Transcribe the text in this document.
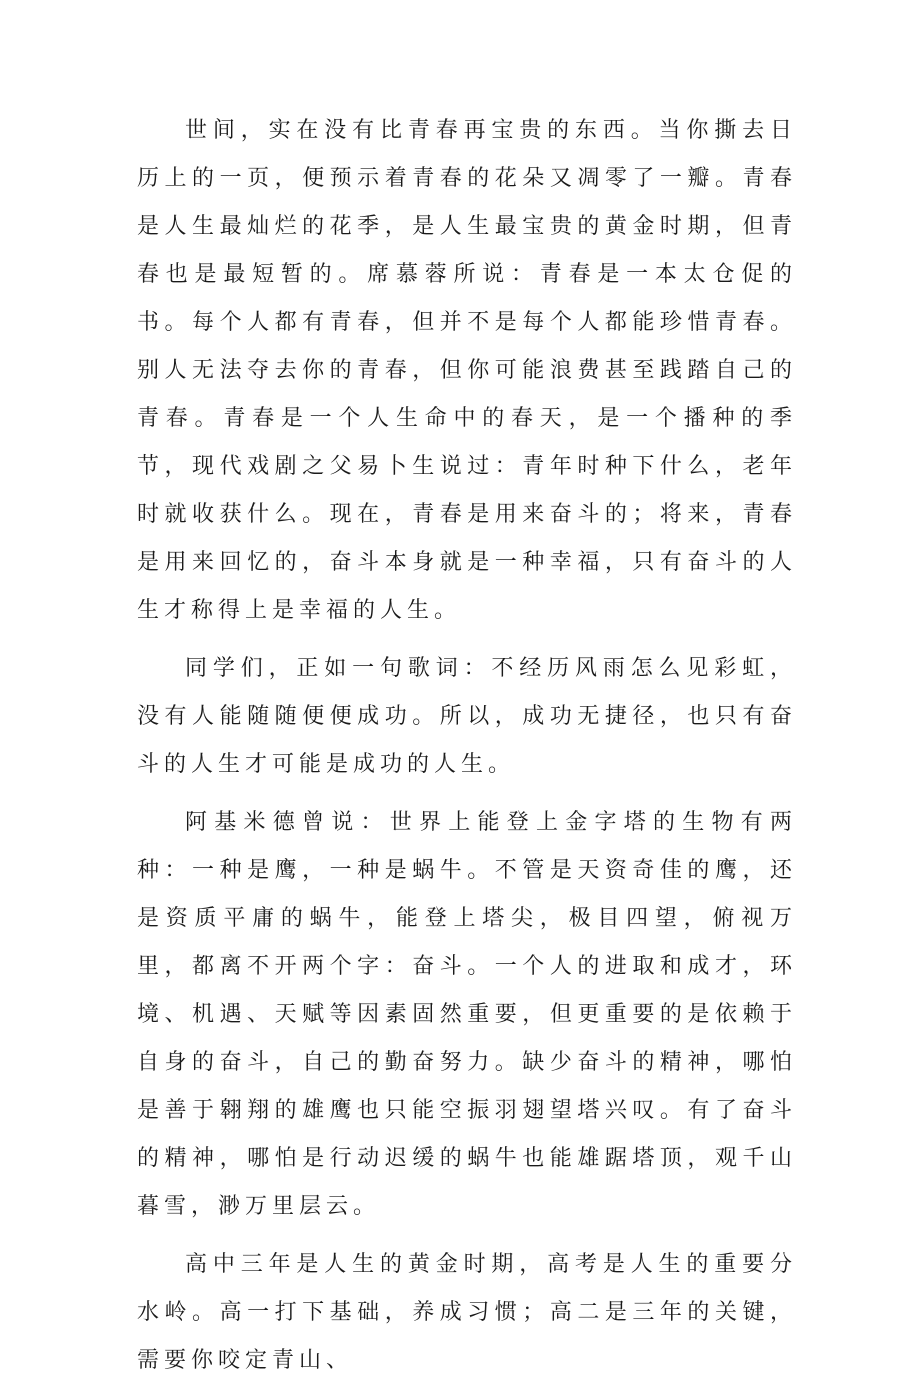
世间，实在没有比青春再宝贵的东西。当你撕去日历上的一页，便预示着青春的花朵又凋零了一瓣。青春是人生最灿烂的花季，是人生最宝贵的黄金时期，但青春也是最短暂的。席慕蓉所说：青春是一本太仓促的书。每个人都有青春，但并不是每个人都能珍惜青春。别人无法夺去你的青春，但你可能浪费甚至践踏自己的青春。青春是一个人生命中的春天，是一个播种的季节，现代戏剧之父易卜生说过：青年时种下什么，老年时就收获什么。现在，青春是用来奋斗的；将来，青春是用来回忆的，奋斗本身就是一种幸福，只有奋斗的人生才称得上是幸福的人生。

同学们，正如一句歌词：不经历风雨怎么见彩虹，没有人能随随便便成功。所以，成功无捷径，也只有奋斗的人生才可能是成功的人生。

阿基米德曾说：世界上能登上金字塔的生物有两种：一种是鹰，一种是蜗牛。不管是天资奇佳的鹰，还是资质平庸的蜗牛，能登上塔尖，极目四望，俯视万里，都离不开两个字：奋斗。一个人的进取和成才，环境、机遇、天赋等因素固然重要，但更重要的是依赖于自身的奋斗，自己的勤奋努力。缺少奋斗的精神，哪怕是善于翱翔的雄鹰也只能空振羽翅望塔兴叹。有了奋斗的精神，哪怕是行动迟缓的蜗牛也能雄踞塔顶，观千山暮雪，渺万里层云。

高中三年是人生的黄金时期，高考是人生的重要分水岭。高一打下基础，养成习惯；高二是三年的关键，需要你咬定青山、
